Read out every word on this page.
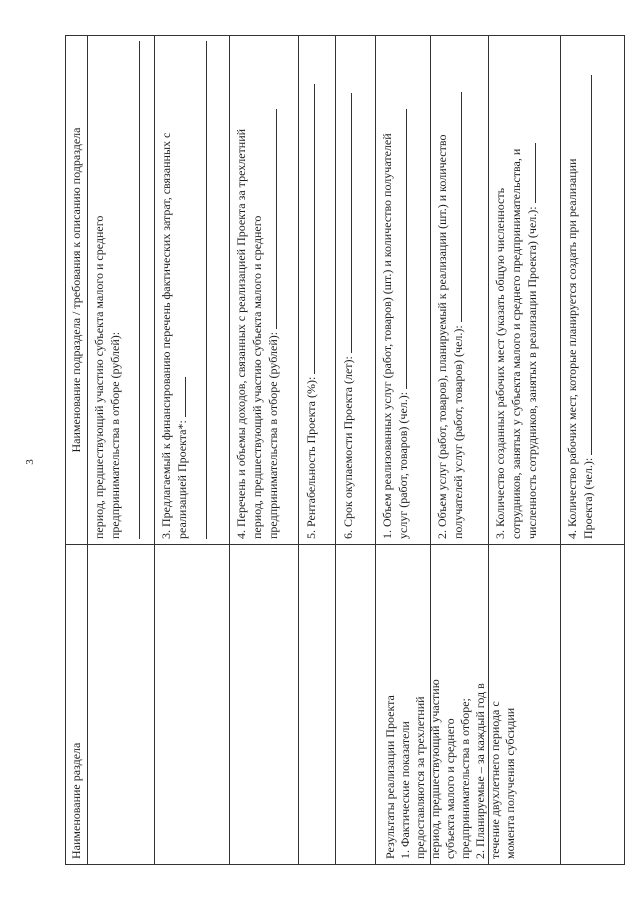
3
Наименование раздела
Наименование подраздела / требования к описанию подраздела период, предшествующий участию субъекта малого и среднего предпринимательства в отборе (рублей):	3. Предлагаемый к финансированию перечень фактических затрат, связанных с реализацией Проекта*:	4. Перечень и объемы доходов, связанных с реализацией Проекта за трехлетний период, предшествующий участию субъекта малого и среднего предпринимательства в отборе (рублей): 5. Рентабельность Проекта (%): 6. Срок окупаемости Проекта (лет): 1. Объем реализованных услуг (работ, товаров) (шт.) и количество получателей услуг (работ, товаров) (чел.): 2. Объем услуг (работ, товаров), планируемый к реализации (шт.) и количество получателей услуг (работ, товаров) (чел.): 3. Количество созданных рабочих мест (указать общую численность сотрудников, занятых у субъекта малого и среднего предпринимательства, и численность сотрудников, занятых в реализации Проекта) (чел.): 4. Количество рабочих мест, которые планируется создать при реализации Проекта) (чел.):
Результаты реализации Проекта 1. Фактические показатели предоставляются за трехлетний период, предшествующий участию субъекта малого и среднего предпринимательства в отборе; 2. Планируемые – за каждый год в течение двухлетнего периода с момента получения субсидии
